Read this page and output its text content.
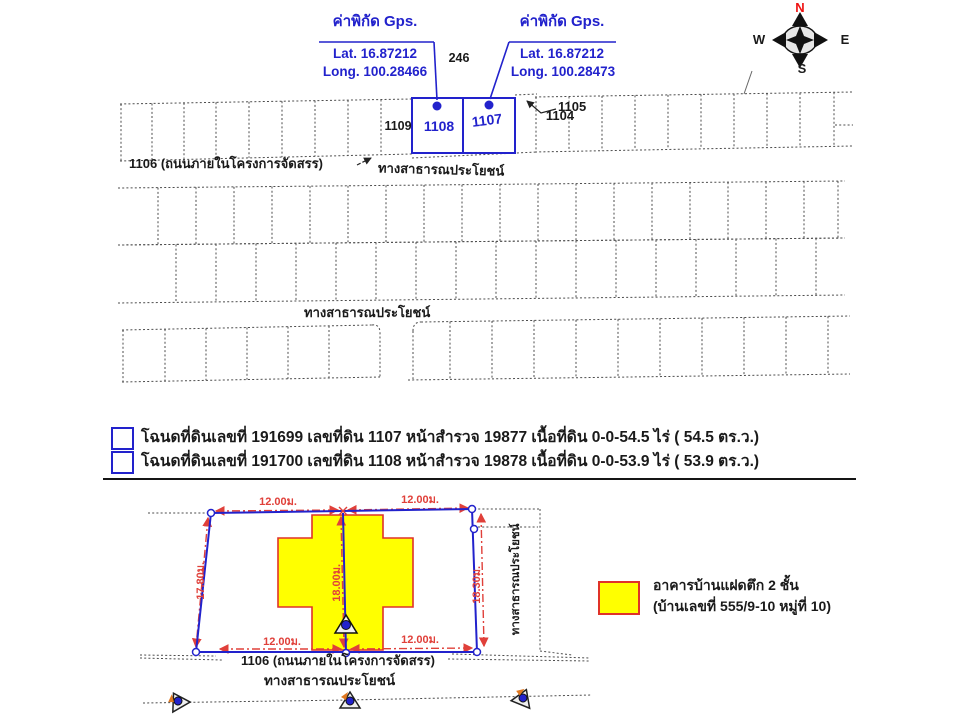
ค่าพิกัด Gps.
Lat. 16.87212
Long. 100.28466
ค่าพิกัด Gps.
Lat. 16.87212
Long. 100.28473
246
1109 1108	1107	1104
1105
1106 (ถนนภายในโครงการจัดสรร)	ทางสาธารณประโยชน์
ทางสาธารณประโยชน์
N
W	E
S
โฉนดที่ดินเลขที่ 191699 เลขที่ดิน 1107 หน้าสำรวจ 19877 เนื้อที่ดิน 0-0-54.5 ไร่ ( 54.5 ตร.ว.)
โฉนดที่ดินเลขที่ 191700 เลขที่ดิน 1108 หน้าสำรวจ 19878 เนื้อที่ดิน 0-0-53.9 ไร่ ( 53.9 ตร.ว.)
12.00ม.	12.00ม.
12.00ม.	12.00ม.
17.80ม.	18.00ม.	18.30ม.
1106 (ถนนภายในโครงการจัดสรร)
ทางสาธารณประโยชน์
ทางสาธารณประโยชน์	อาคารบ้านแฝดตึก 2 ชั้น
(บ้านเลขที่ 555/9-10 หมู่ที่ 10)
